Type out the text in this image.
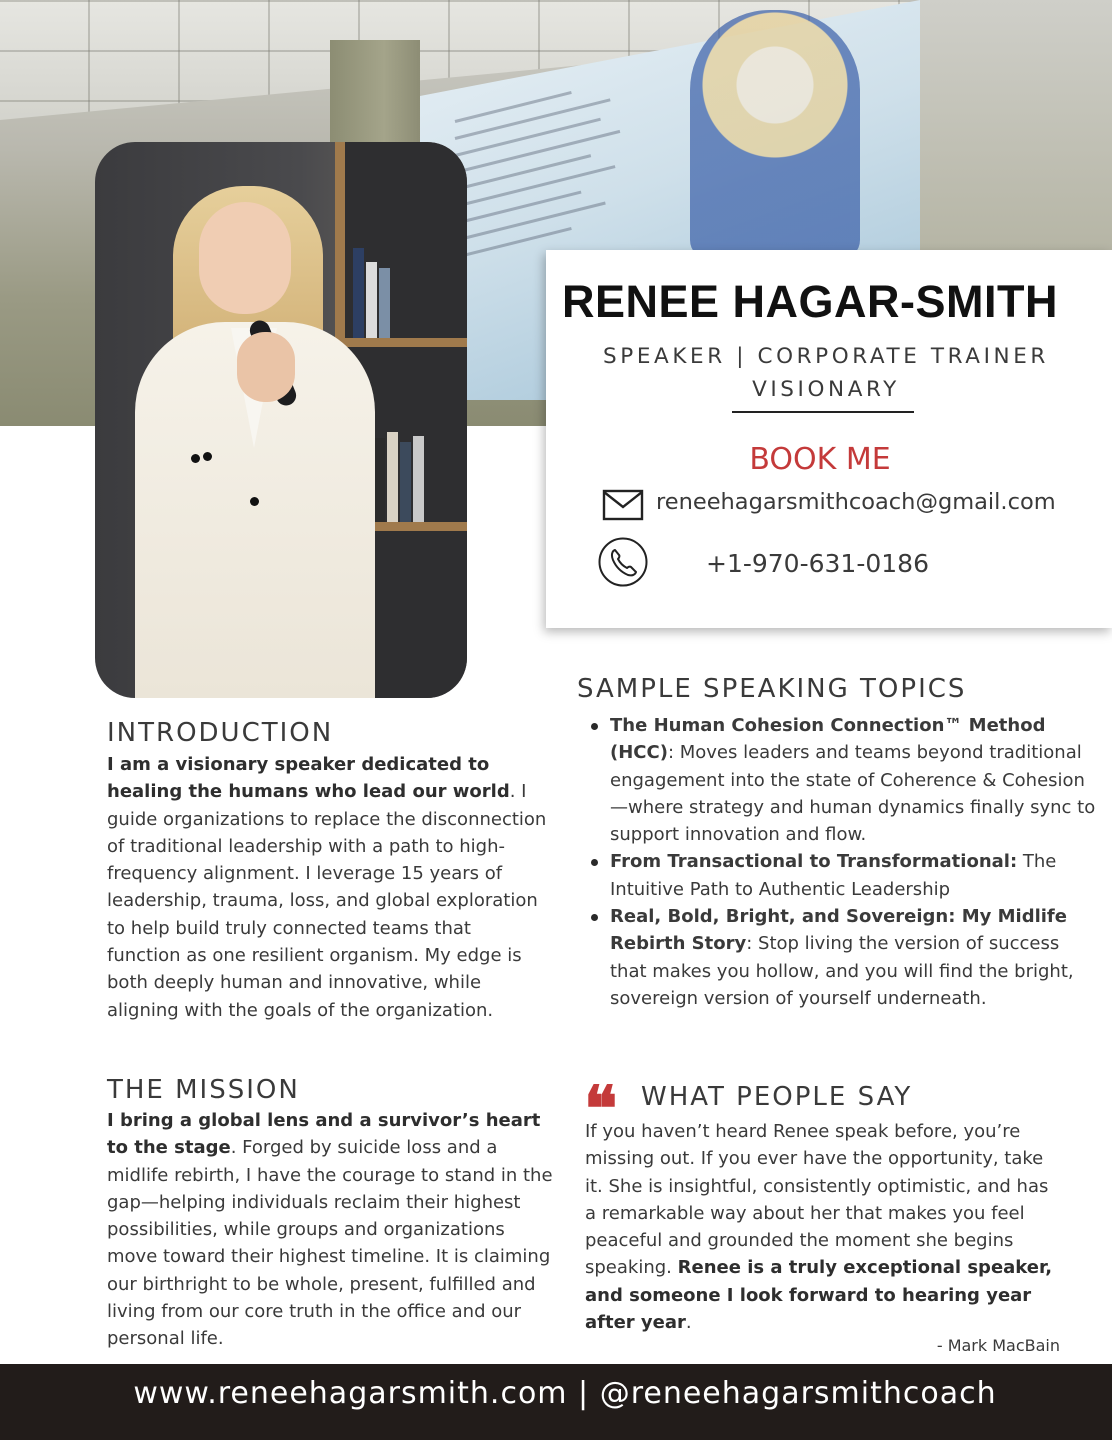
RENEE HAGAR-SMITH
SPEAKER | CORPORATE TRAINER
VISIONARY
BOOK ME
reneehagarsmithcoach@gmail.com
+1-970-631-0186
INTRODUCTION

I am a visionary speaker dedicated to healing the humans who lead our world. I guide organizations to replace the disconnection of traditional leadership with a path to high-frequency alignment. I leverage 15 years of leadership, trauma, loss, and global exploration to help build truly connected teams that function as one resilient organism. My edge is both deeply human and innovative, while aligning with the goals of the organization.

THE MISSION

I bring a global lens and a survivor’s heart to the stage. Forged by suicide loss and a midlife rebirth, I have the courage to stand in the gap—helping individuals reclaim their highest possibilities, while groups and organizations move toward their highest timeline. It is claiming our birthright to be whole, present, fulfilled and living from our core truth in the office and our personal life.

SAMPLE SPEAKING TOPICS
The Human Cohesion Connection™ Method (HCC): Moves leaders and teams beyond traditional engagement into the state of Coherence & Cohesion—where strategy and human dynamics finally sync to support innovation and flow.
From Transactional to Transformational: The Intuitive Path to Authentic Leadership
Real, Bold, Bright, and Sovereign: My Midlife Rebirth Story: Stop living the version of success that makes you hollow, and you will find the bright, sovereign version of yourself underneath.
❝ WHAT PEOPLE SAY

If you haven’t heard Renee speak before, you’re missing out. If you ever have the opportunity, take it. She is insightful, consistently optimistic, and has a remarkable way about her that makes you feel peaceful and grounded the moment she begins speaking. Renee is a truly exceptional speaker, and someone I look forward to hearing year after year.

- Mark MacBain
www.reneehagarsmith.com | @reneehagarsmithcoach
